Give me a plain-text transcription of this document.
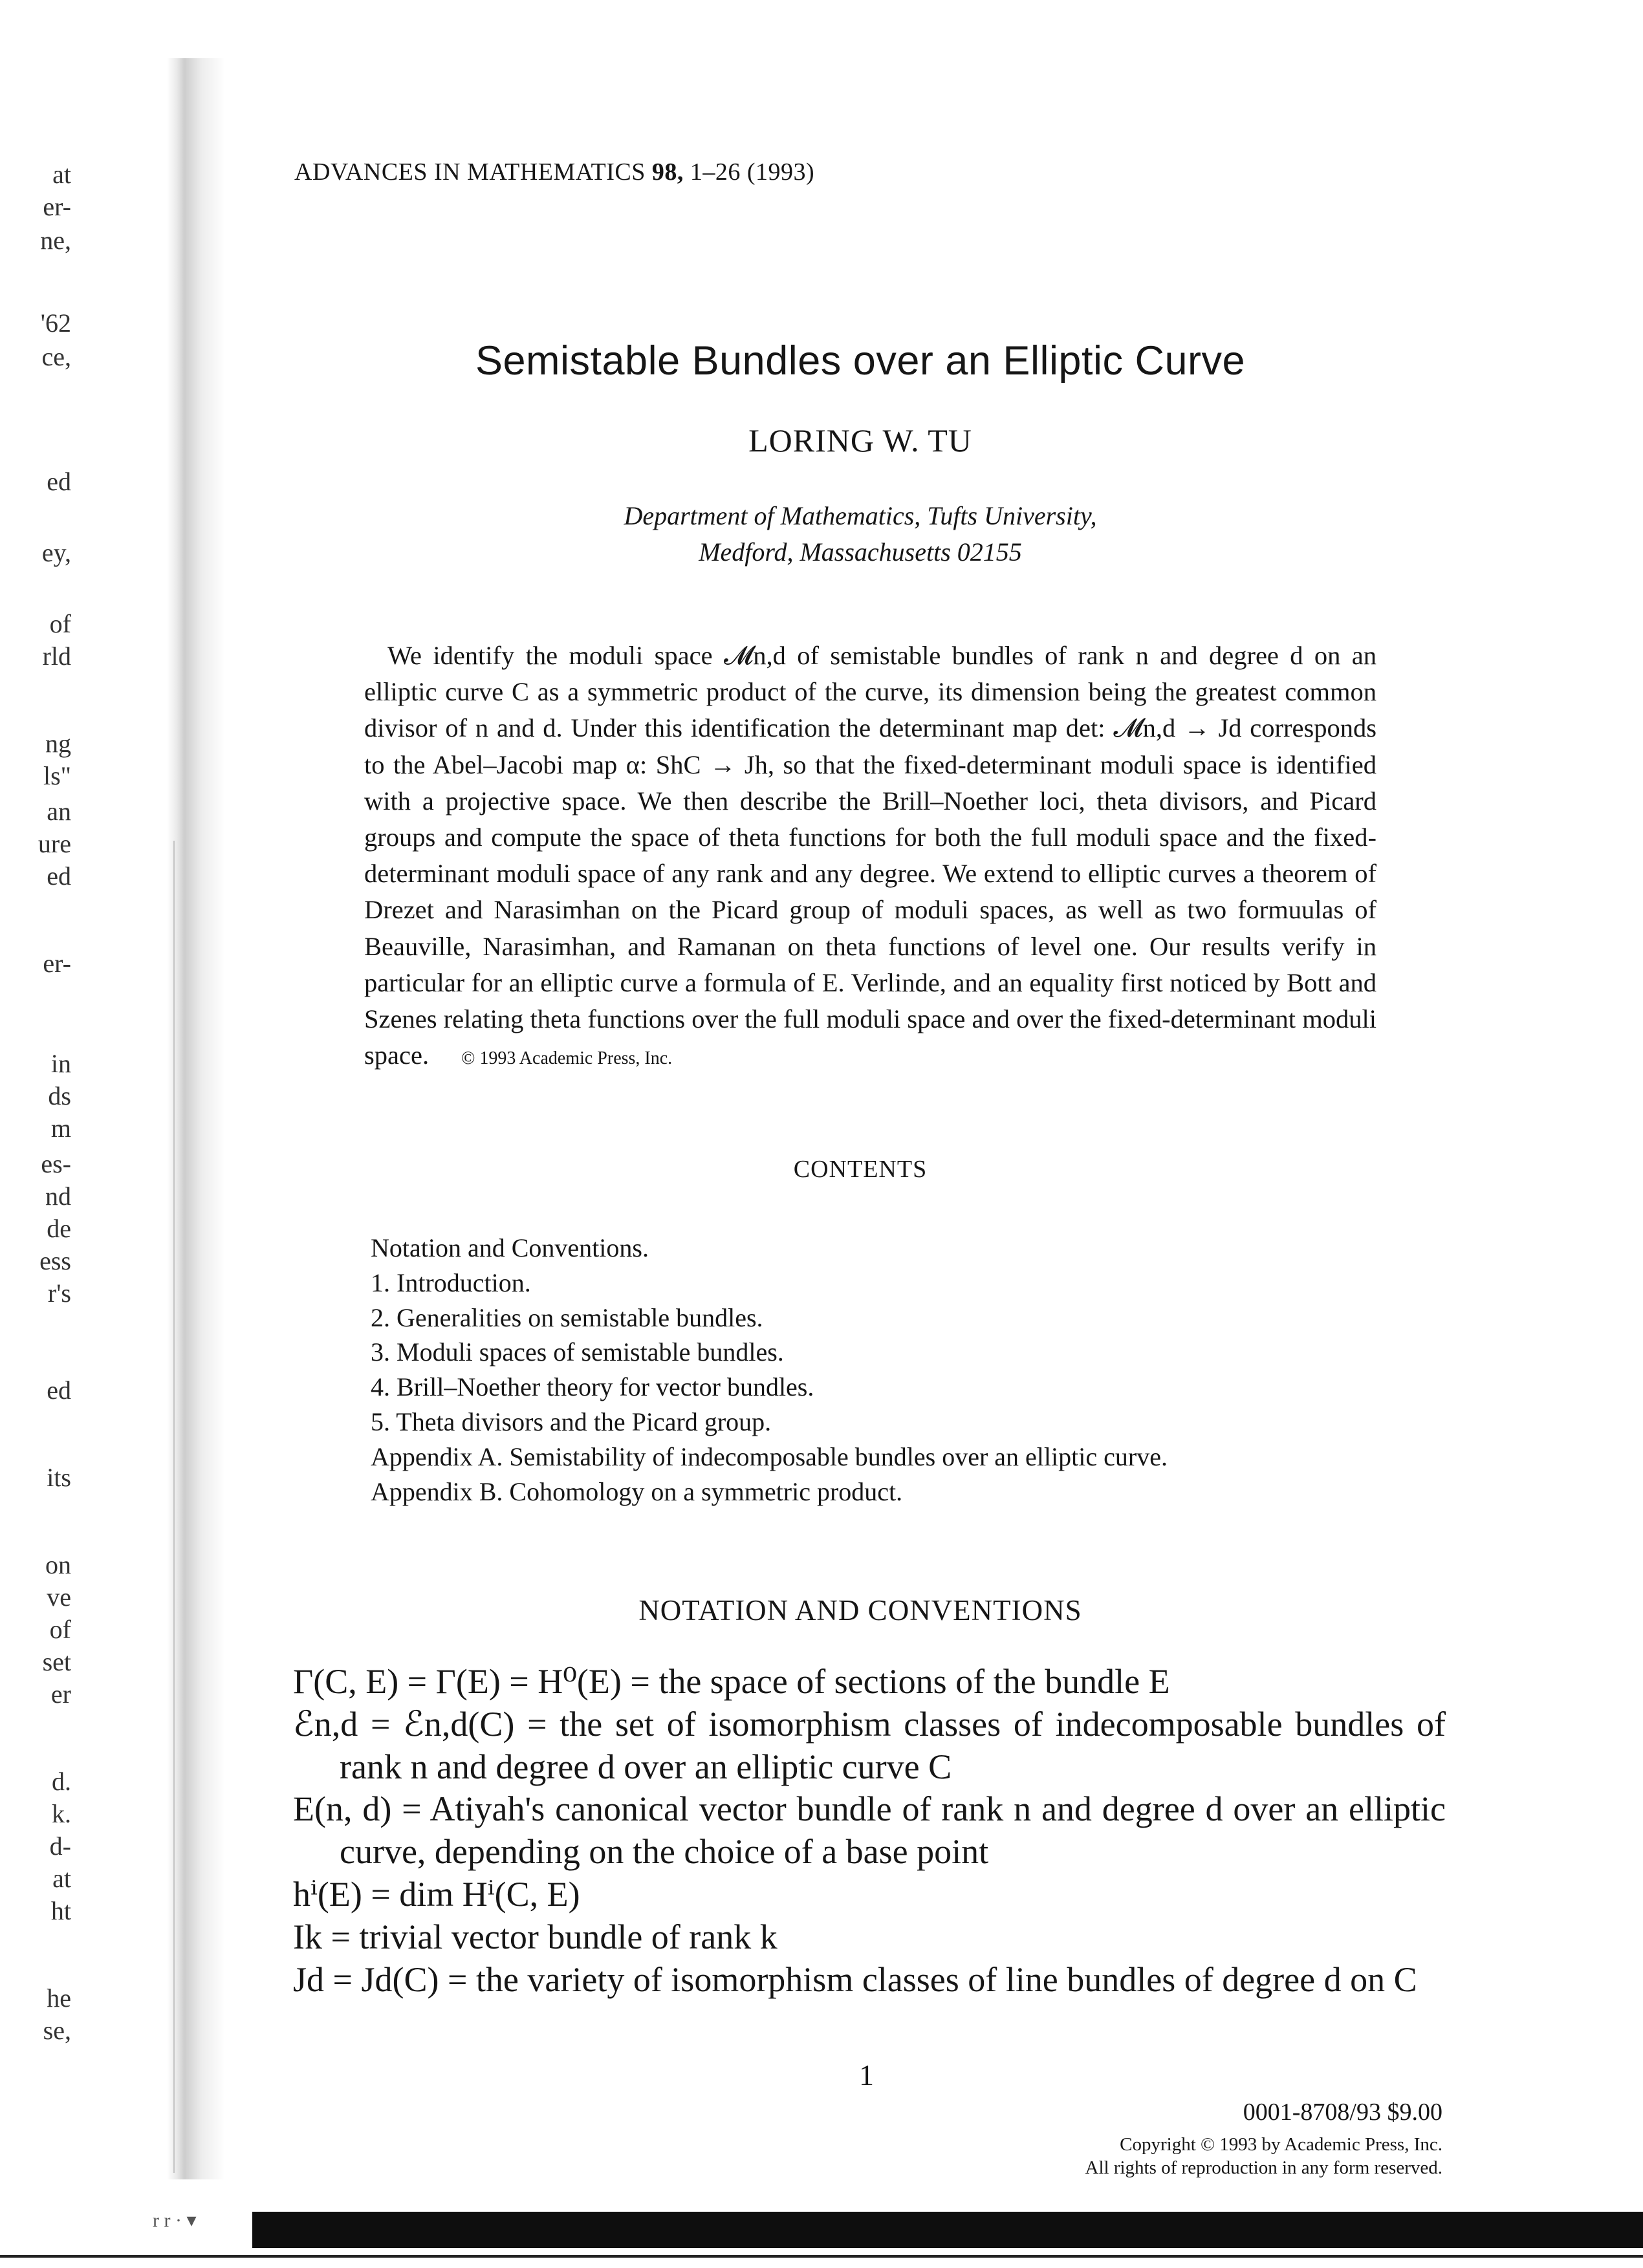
at
er-
ne,
'62
ce,
ed
ey,
of
rld
ng
ls"
an
ure
ed
er-
in
ds
m
es-
nd
de
ess
r's
ed
its
on
ve
of
set
er
d.
k.
d-
at
ht
he
se,
ADVANCES IN MATHEMATICS 98, 1–26 (1993)
Semistable Bundles over an Elliptic Curve
LORING W. TU
Department of Mathematics, Tufts University,
Medford, Massachusetts 02155
We identify the moduli space 𝓜n,d of semistable bundles of rank n and degree d on an elliptic curve C as a symmetric product of the curve, its dimension being the greatest common divisor of n and d. Under this identification the determinant map det: 𝓜n,d → Jd corresponds to the Abel–Jacobi map α: ShC → Jh, so that the fixed-determinant moduli space is identified with a projective space. We then describe the Brill–Noether loci, theta divisors, and Picard groups and compute the space of theta functions for both the full moduli space and the fixed-determinant moduli space of any rank and any degree. We extend to elliptic curves a theorem of Drezet and Narasimhan on the Picard group of moduli spaces, as well as two formuulas of Beauville, Narasimhan, and Ramanan on theta functions of level one. Our results verify in particular for an elliptic curve a formula of E. Verlinde, and an equality first noticed by Bott and Szenes relating theta functions over the full moduli space and over the fixed-determinant moduli space. © 1993 Academic Press, Inc.
CONTENTS
Notation and Conventions.
1. Introduction.
2. Generalities on semistable bundles.
3. Moduli spaces of semistable bundles.
4. Brill–Noether theory for vector bundles.
5. Theta divisors and the Picard group.
Appendix A. Semistability of indecomposable bundles over an elliptic curve.
Appendix B. Cohomology on a symmetric product.
NOTATION AND CONVENTIONS
Γ(C, E) = Γ(E) = H⁰(E) = the space of sections of the bundle E
ℰn,d = ℰn,d(C) = the set of isomorphism classes of indecomposable bundles of rank n and degree d over an elliptic curve C
E(n, d) = Atiyah's canonical vector bundle of rank n and degree d over an elliptic curve, depending on the choice of a base point
hⁱ(E) = dim Hⁱ(C, E)
Ik = trivial vector bundle of rank k
Jd = Jd(C) = the variety of isomorphism classes of line bundles of degree d on C
1
0001-8708/93 $9.00
Copyright © 1993 by Academic Press, Inc.
All rights of reproduction in any form reserved.
r r · ▾
